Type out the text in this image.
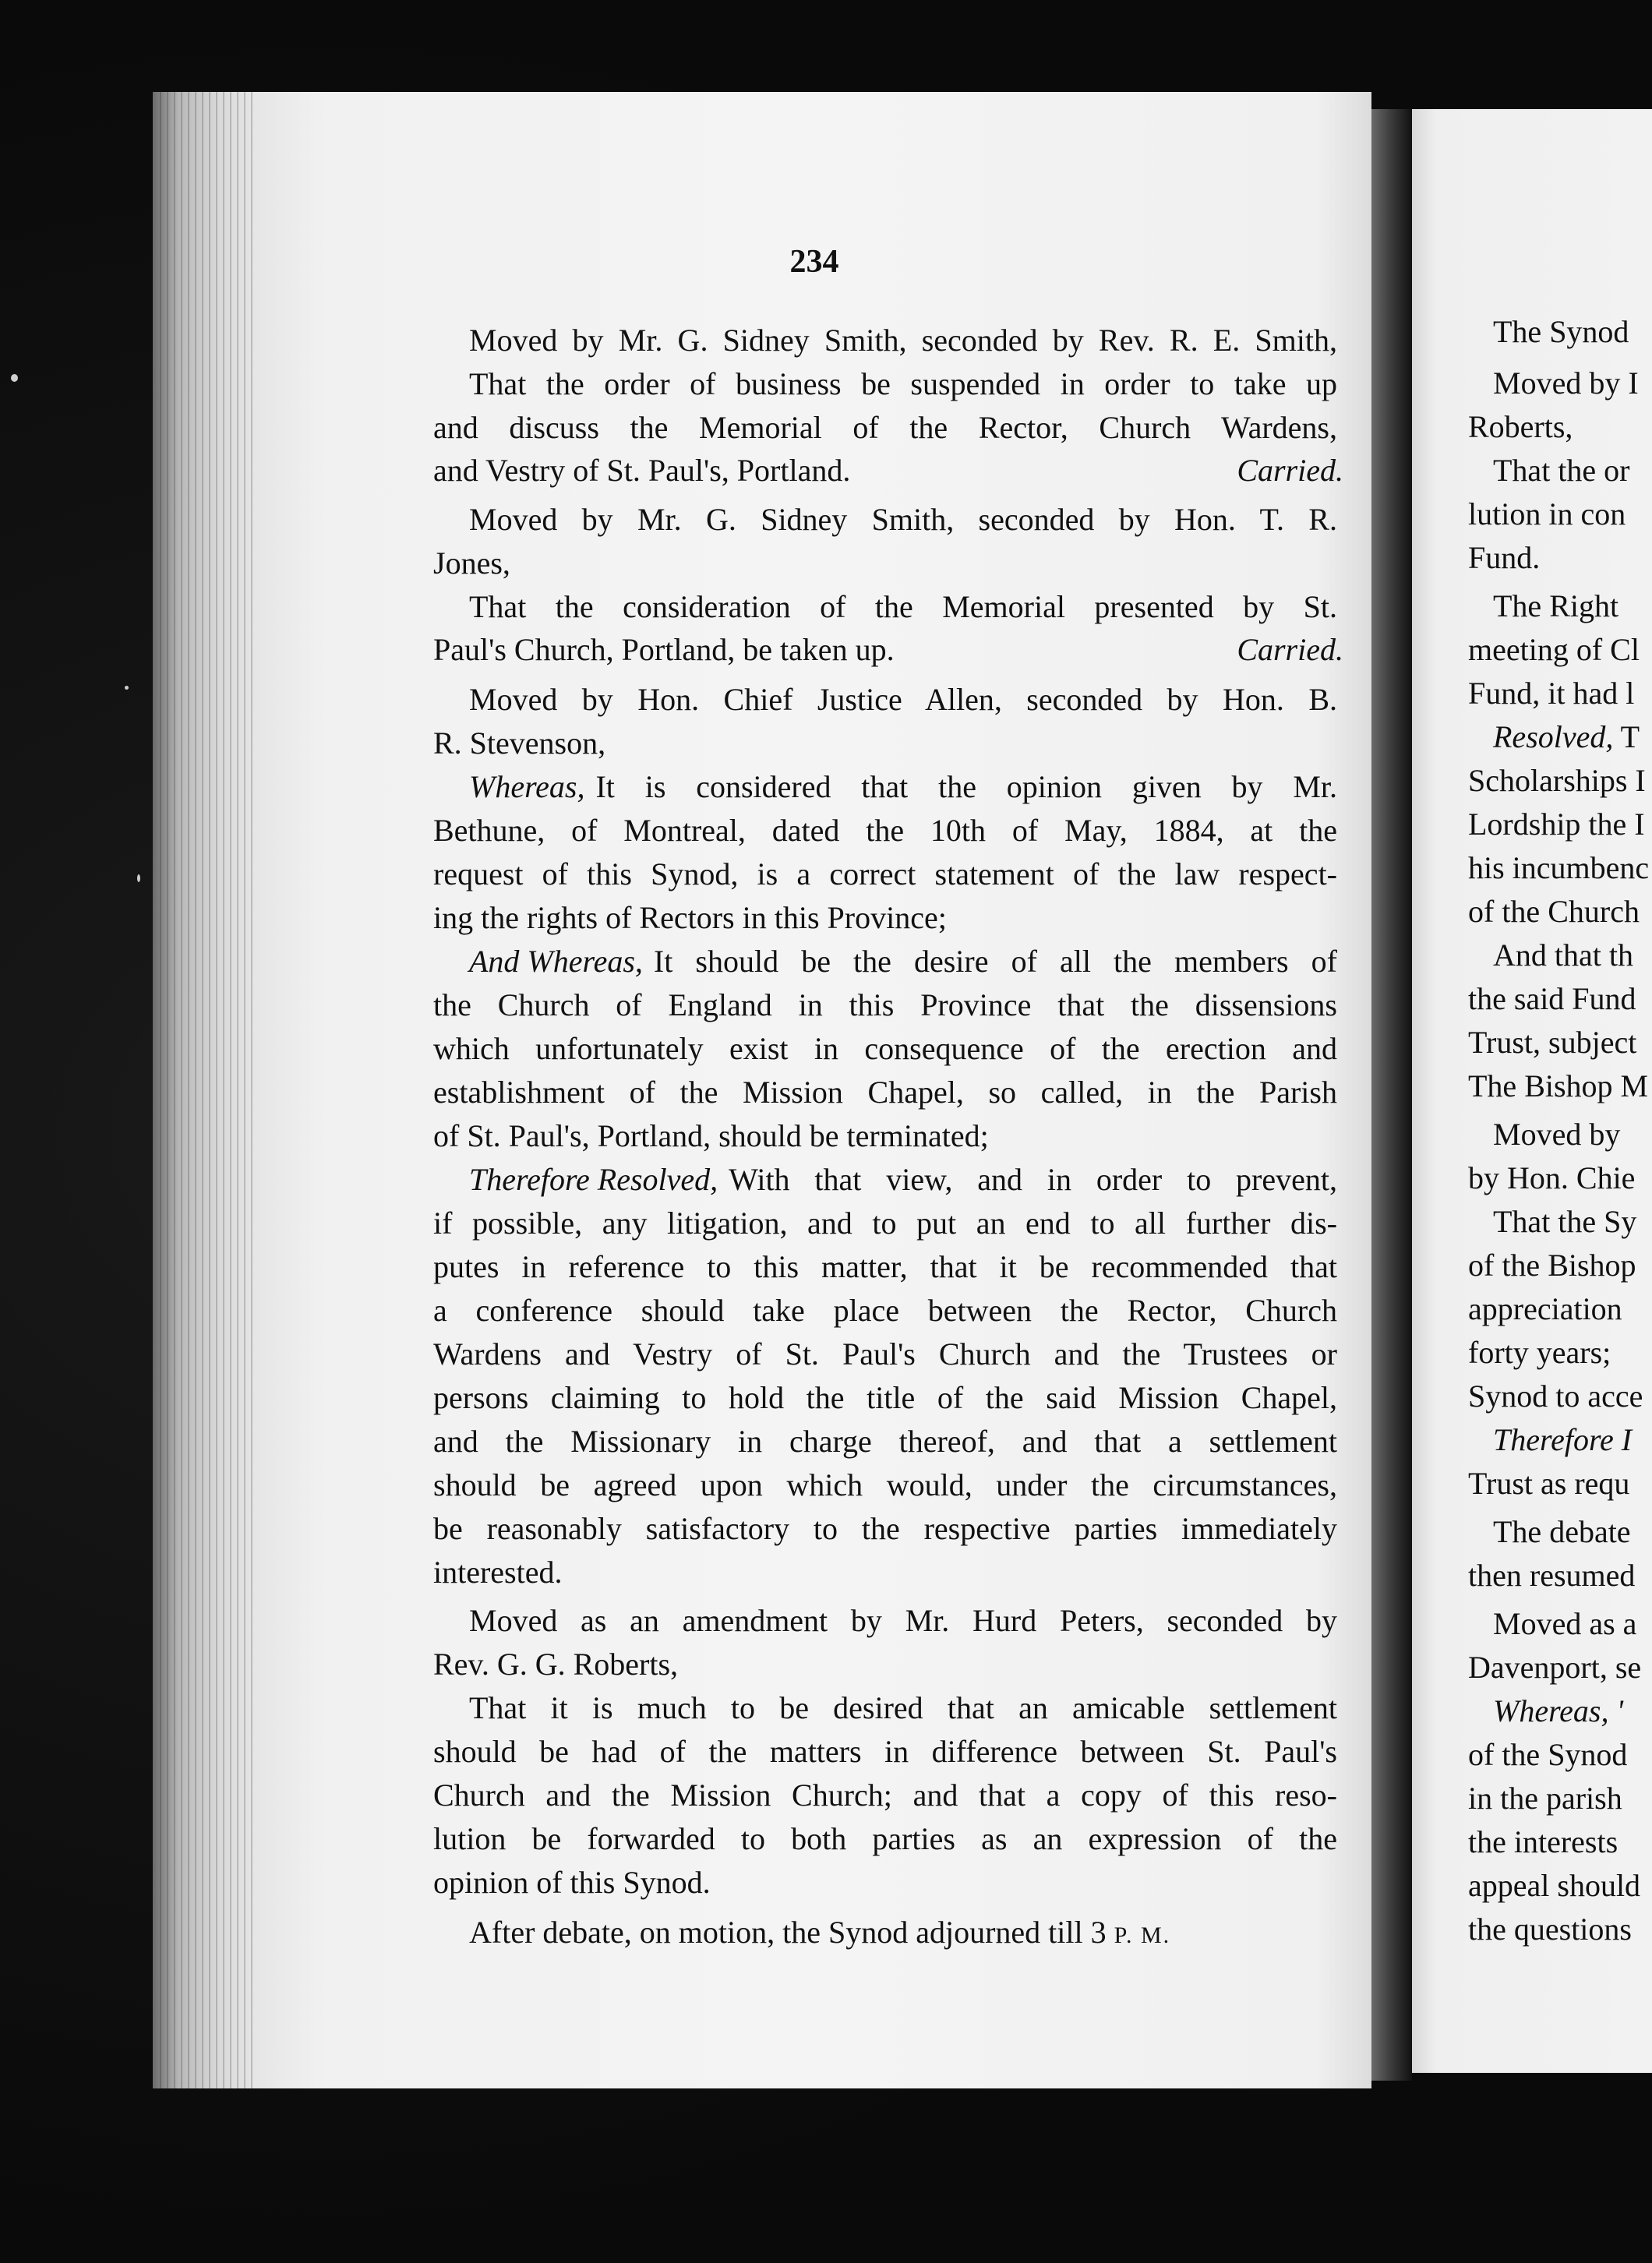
234
Moved by Mr. G. Sidney Smith, seconded by Rev. R. E. Smith,
That the order of business be suspended in order to take up
and discuss the Memorial of the Rector, Church Wardens,
and Vestry of St. Paul's, Portland.	Carried.
Moved by Mr. G. Sidney Smith, seconded by Hon. T. R.
Jones,
That the consideration of the Memorial presented by St.
Paul's Church, Portland, be taken up.	Carried.
Moved by Hon. Chief Justice Allen, seconded by Hon. B.
R. Stevenson,
Whereas, It is considered that the opinion given by Mr.
Bethune, of Montreal, dated the 10th of May, 1884, at the
request of this Synod, is a correct statement of the law respect-
ing the rights of Rectors in this Province;
And Whereas, It should be the desire of all the members of
the Church of England in this Province that the dissensions
which unfortunately exist in consequence of the erection and
establishment of the Mission Chapel, so called, in the Parish
of St. Paul's, Portland, should be terminated;
Therefore Resolved, With that view, and in order to prevent,
if possible, any litigation, and to put an end to all further dis-
putes in reference to this matter, that it be recommended that
a conference should take place between the Rector, Church
Wardens and Vestry of St. Paul's Church and the Trustees or
persons claiming to hold the title of the said Mission Chapel,
and the Missionary in charge thereof, and that a settlement
should be agreed upon which would, under the circumstances,
be reasonably satisfactory to the respective parties immediately
interested.
Moved as an amendment by Mr. Hurd Peters, seconded by
Rev. G. G. Roberts,
That it is much to be desired that an amicable settlement
should be had of the matters in difference between St. Paul's
Church and the Mission Church; and that a copy of this reso-
lution be forwarded to both parties as an expression of the
opinion of this Synod.
After debate, on motion, the Synod adjourned till 3 P. M.
The Synod
Moved by I
Roberts,
That the or
lution in con
Fund.
The Right
meeting of Cl
Fund, it had l
Resolved, T
Scholarships I
Lordship the I
his incumbenc
of the Church
And that th
the said Fund
Trust, subject
The Bishop M
Moved by
by Hon. Chie
That the Sy
of the Bishop
appreciation
forty years;
Synod to acce
Therefore I
Trust as requ
The debate
then resumed
Moved as a
Davenport, se
Whereas, '
of the Synod
in the parish
the interests
appeal should
the questions
